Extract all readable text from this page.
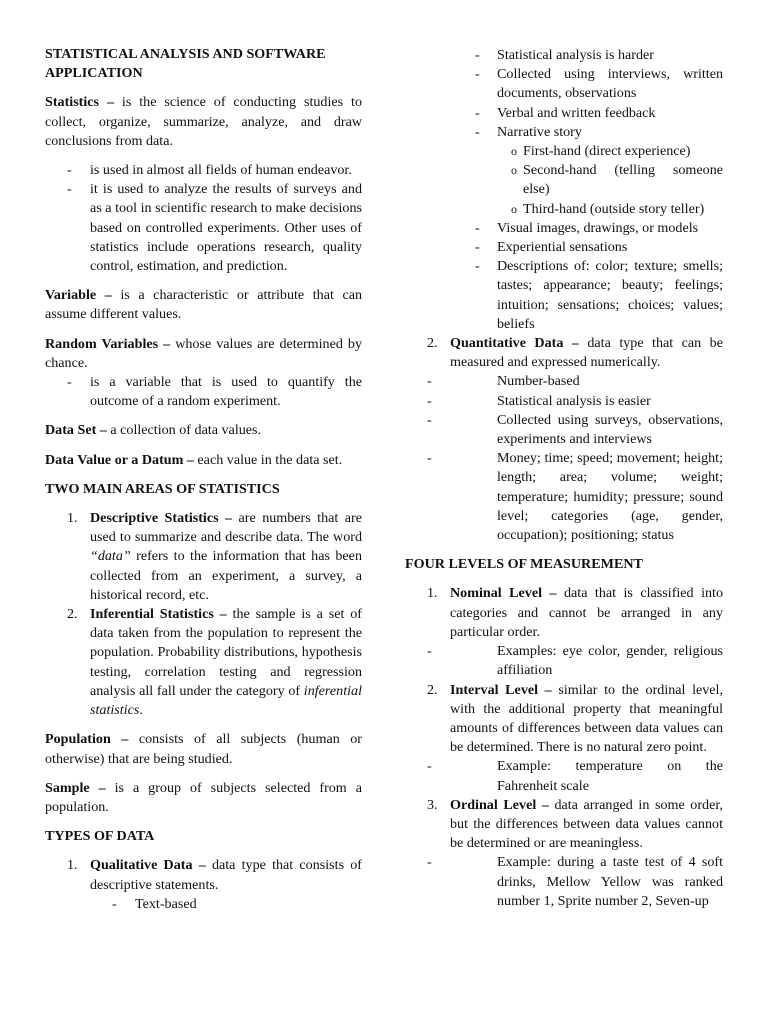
STATISTICAL ANALYSIS AND SOFTWARE APPLICATION

Statistics – is the science of conducting studies to collect, organize, summarize, analyze, and draw conclusions from data.

- is used in almost all fields of human endeavor.
- it is used to analyze the results of surveys and as a tool in scientific research to make decisions based on controlled experiments. Other uses of statistics include operations research, quality control, estimation, and prediction.

Variable – is a characteristic or attribute that can assume different values.

Random Variables – whose values are determined by chance.

- is a variable that is used to quantify the outcome of a random experiment.

Data Set – a collection of data values.

Data Value or a Datum – each value in the data set.

TWO MAIN AREAS OF STATISTICS

1. Descriptive Statistics – are numbers that are used to summarize and describe data. The word “data” refers to the information that has been collected from an experiment, a survey, a historical record, etc.
2. Inferential Statistics – the sample is a set of data taken from the population to represent the population. Probability distributions, hypothesis testing, correlation testing and regression analysis all fall under the category of inferential statistics.

Population – consists of all subjects (human or otherwise) that are being studied.

Sample – is a group of subjects selected from a population.

TYPES OF DATA

1. Qualitative Data – data type that consists of descriptive statements.
- Text-based
- Statistical analysis is harder
- Collected using interviews, written documents, observations
- Verbal and written feedback
- Narrative story
o First-hand (direct experience)
o Second-hand (telling someone else)
o Third-hand (outside story teller)
- Visual images, drawings, or models
- Experiential sensations
- Descriptions of: color; texture; smells; tastes; appearance; beauty; feelings; intuition; sensations; choices; values; beliefs
2. Quantitative Data – data type that can be measured and expressed numerically.
- Number-based
- Statistical analysis is easier
- Collected using surveys, observations, experiments and interviews
- Money; time; speed; movement; height; length; area; volume; weight; temperature; humidity; pressure; sound level; categories (age, gender, occupation); positioning; status

FOUR LEVELS OF MEASUREMENT

1. Nominal Level – data that is classified into categories and cannot be arranged in any particular order.
- Examples: eye color, gender, religious affiliation
2. Interval Level – similar to the ordinal level, with the additional property that meaningful amounts of differences between data values can be determined. There is no natural zero point.
- Example: temperature on the Fahrenheit scale
3. Ordinal Level – data arranged in some order, but the differences between data values cannot be determined or are meaningless.
- Example: during a taste test of 4 soft drinks, Mellow Yellow was ranked number 1, Sprite number 2, Seven-up
